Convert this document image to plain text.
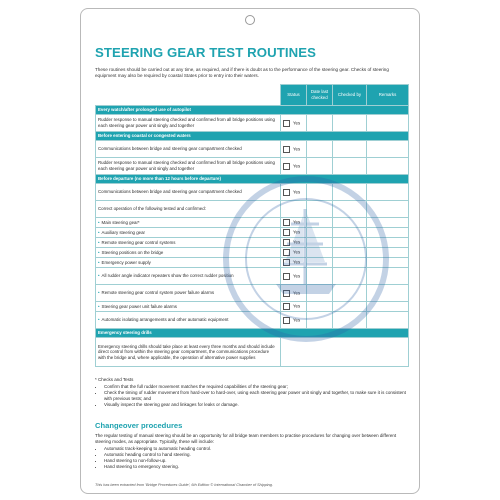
STEERING GEAR TEST ROUTINES
These routines should be carried out at any time, as required, and if there is doubt as to the performance of the steering gear. Checks of steering equipment may also be required by coastal States prior to entry into their waters.
	Status	Date last checked	Checked by	Remarks
Every watch/after prolonged use of autopilot				
Rudder response to manual steering checked and confirmed from all bridge positions using each steering gear power unit singly and together	Yes			
Before entering coastal or congested waters				
Communications between bridge and steering gear compartment checked	Yes			
Rudder response to manual steering checked and confirmed from all bridge positions using each steering gear power unit singly and together	Yes			
Before departure (no more than 12 hours before departure)				
Communications between bridge and steering gear compartment checked	Yes			
Correct operation of the following tested and confirmed:				
• Main steering gear*	Yes			
• Auxiliary steering gear	Yes			
• Remote steering gear control systems	Yes			
• Steering positions on the bridge	Yes			
• Emergency power supply	Yes			
• All rudder angle indicator repeaters show the correct rudder position	Yes			
• Remote steering gear control system power failure alarms	Yes			
• Steering gear power unit failure alarms	Yes			
• Automatic isolating arrangements and other automatic equipment	Yes			
Emergency steering drills				
Emergency steering drills should take place at least every three months and should include direct control from within the steering gear compartment, the communications procedure with the bridge and, where applicable, the operation of alternative power supplies				
* Checks and Tests
• Confirm that the full rudder movement matches the required capabilities of the steering gear;
• Check the timing of rudder movement from hard-over to hard-over, using each steering gear power unit singly and together, to make sure it is consistent with previous tests; and
• Visually inspect the steering gear and linkages for leaks or damage.
Changeover procedures
The regular testing of manual steering should be an opportunity for all bridge team members to practise procedures for changing over between different steering modes, as appropriate. Typically, these will include:
• Automatic track-keeping to automatic heading control.
• Automatic heading control to hand steering.
• Hand steering to non-follow-up.
• Hand steering to emergency steering.
This has been extracted from 'Bridge Procedures Guide', 6th Edition © International Chamber of Shipping.
